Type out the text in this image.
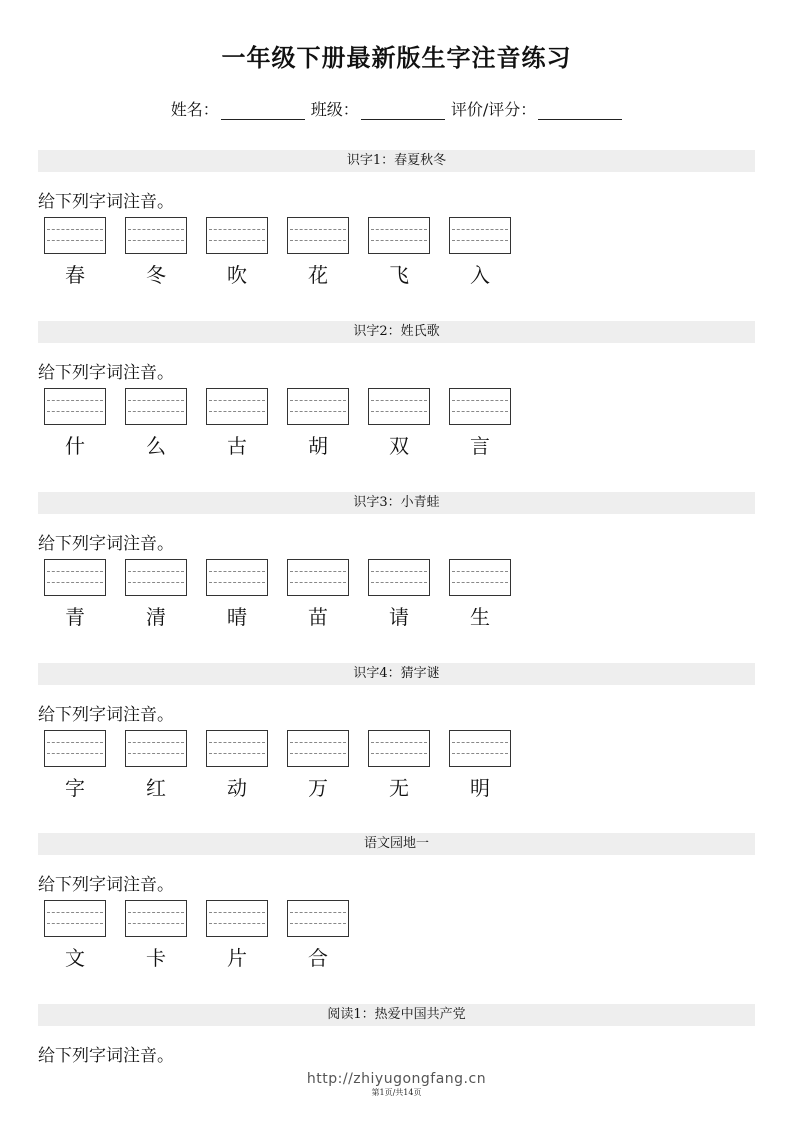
一年级下册最新版生字注音练习
姓名：	班级：	评价/评分：
识字1：春夏秋冬
给下列字词注音。
春	冬	吹	花	飞	入
识字2：姓氏歌
给下列字词注音。
什	么	古	胡	双	言
识字3：小青蛙
给下列字词注音。
青	清	晴	苗	请	生
识字4：猜字谜
给下列字词注音。
字	红	动	万	无	明
语文园地一
给下列字词注音。
文	卡	片	合
阅读1：热爱中国共产党
给下列字词注音。
http://zhiyugongfang.cn
第1页/共14页
